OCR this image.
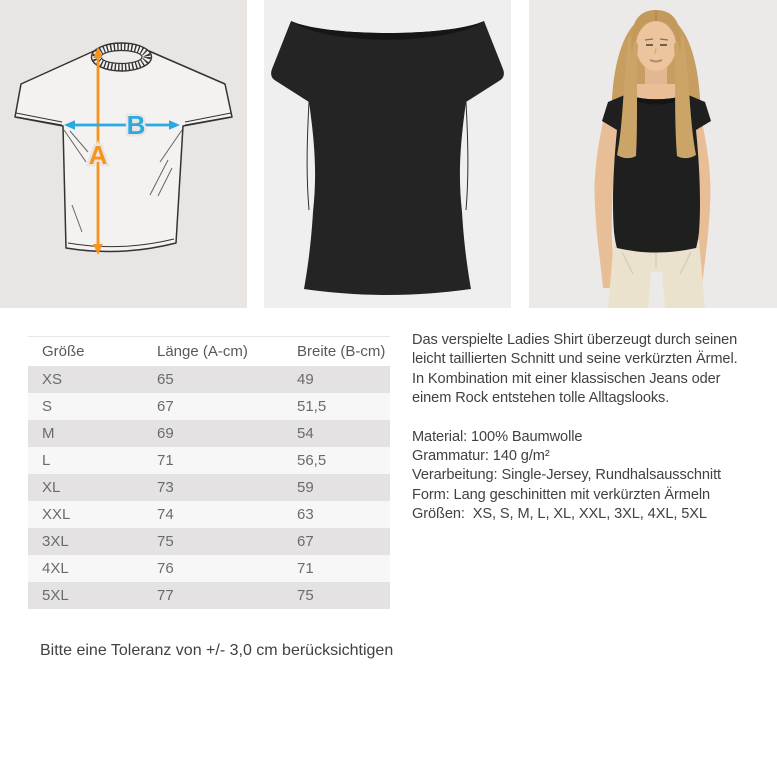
A
B
Größe	Länge (A-cm)	Breite (B-cm)
XS	65	49
S	67	51,5
M	69	54
L	71	56,5
XL	73	59
XXL	74	63
3XL	75	67
4XL	76	71
5XL	77	75
Das verspielte Ladies Shirt überzeugt durch seinen
leicht taillierten Schnitt und seine verkürzten Ärmel.
In Kombination mit einer klassischen Jeans oder
einem Rock entstehen tolle Alltagslooks.
Material: 100% Baumwolle
Grammatur: 140 g/m²
Verarbeitung: Single-Jersey, Rundhalsausschnitt
Form: Lang geschinitten mit verkürzten Ärmeln
Größen:  XS, S, M, L, XL, XXL, 3XL, 4XL, 5XL
Bitte eine Toleranz von +/- 3,0 cm berücksichtigen
